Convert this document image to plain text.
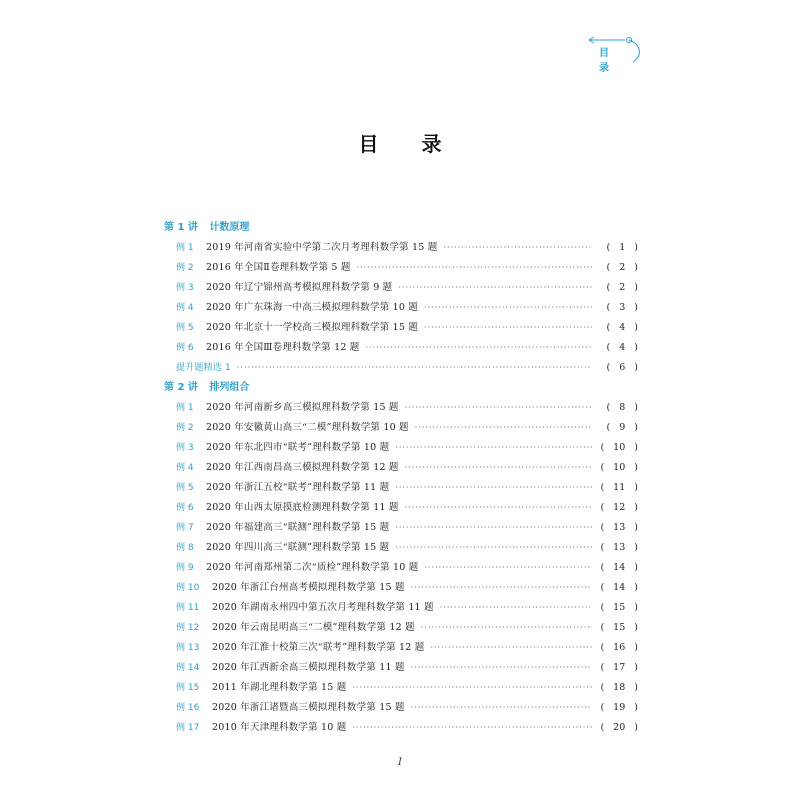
目 录
目 录
第 1 讲 计数原理
例 1	2019 年河南省实验中学第二次月考理科数学第 15 题 ·····	( 1 )
例 2	2016 年全国Ⅱ卷理科数学第 5 题 ·····	( 2 )
例 3	2020 年辽宁锦州高考模拟理科数学第 9 题 ·····	( 2 )
例 4	2020 年广东珠海一中高三模拟理科数学第 10 题 ·····	( 3 )
例 5	2020 年北京十一学校高三模拟理科数学第 15 题 ·····	( 4 )
例 6	2016 年全国Ⅲ卷理科数学第 12 题 ·····	( 4 )
提升题精选 1 ·····	( 6 )
第 2 讲 排列组合
例 1	2020 年河南新乡高三模拟理科数学第 15 题 ·····	( 8 )
例 2	2020 年安徽黄山高三“二模”理科数学第 10 题 ·····	( 9 )
例 3	2020 年东北四市“联考”理科数学第 10 题 ·····	( 10 )
例 4	2020 年江西南昌高三模拟理科数学第 12 题 ·····	( 10 )
例 5	2020 年浙江五校“联考”理科数学第 11 题 ·····	( 11 )
例 6	2020 年山西太原摸底检测理科数学第 11 题 ·····	( 12 )
例 7	2020 年福建高三“联测”理科数学第 15 题 ·····	( 13 )
例 8	2020 年四川高三“联测”理科数学第 15 题 ·····	( 13 )
例 9	2020 年河南郑州第二次“质检”理科数学第 10 题 ·····	( 14 )
例 10	2020 年浙江台州高考模拟理科数学第 15 题 ·····	( 14 )
例 11	2020 年湖南永州四中第五次月考理科数学第 11 题 ·····	( 15 )
例 12	2020 年云南昆明高三“二模”理科数学第 12 题 ·····	( 15 )
例 13	2020 年江淮十校第三次“联考”理科数学第 12 题 ·····	( 16 )
例 14	2020 年江西新余高三模拟理科数学第 11 题 ·····	( 17 )
例 15	2011 年湖北理科数学第 15 题 ·····	( 18 )
例 16	2020 年浙江诸暨高三模拟理科数学第 15 题 ·····	( 19 )
例 17	2010 年天津理科数学第 10 题 ·····	( 20 )
Ⅰ
